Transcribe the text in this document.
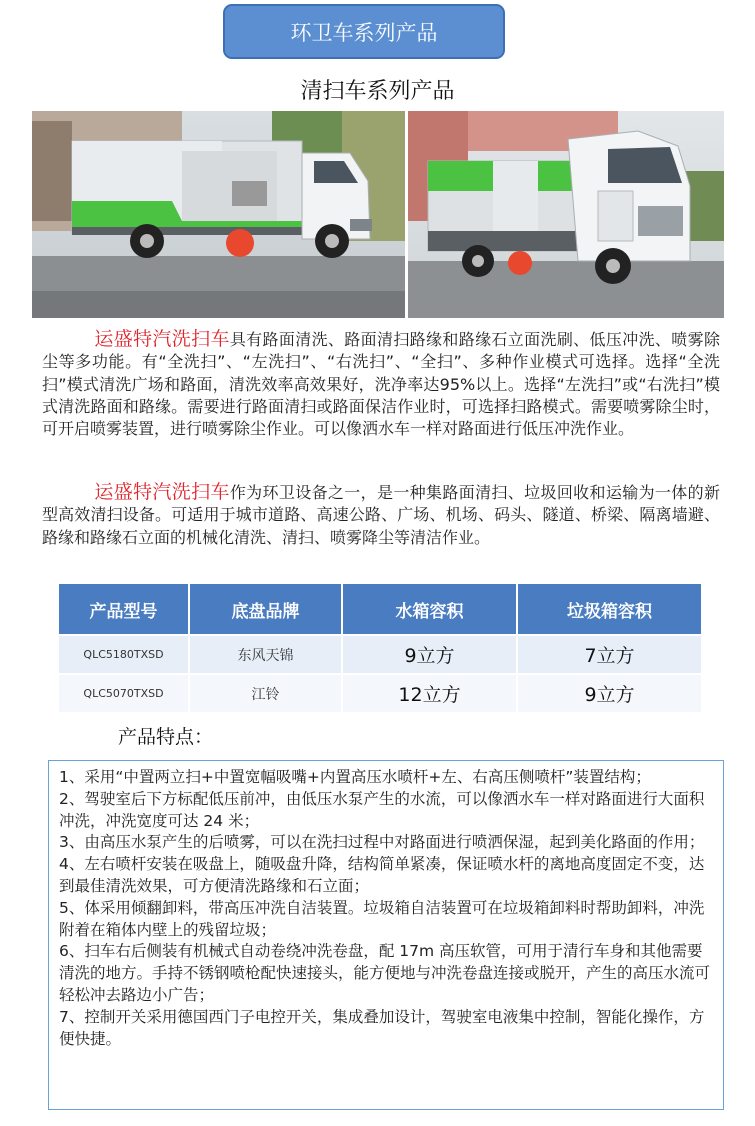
环卫车系列产品
清扫车系列产品

运盛特汽洗扫车具有路面清洗、路面清扫路缘和路缘石立面洗刷、低压冲洗、喷雾除尘等多功能。有“全洗扫”、“左洗扫”、“右洗扫”、“全扫”、多种作业模式可选择。选择“全洗扫”模式清洗广场和路面，清洗效率高效果好，洗净率达95%以上。选择“左洗扫”或“右洗扫”模式清洗路面和路缘。需要进行路面清扫或路面保洁作业时，可选择扫路模式。需要喷雾除尘时，可开启喷雾装置，进行喷雾除尘作业。可以像洒水车一样对路面进行低压冲洗作业。

运盛特汽洗扫车作为环卫设备之一，是一种集路面清扫、垃圾回收和运输为一体的新型高效清扫设备。可适用于城市道路、高速公路、广场、机场、码头、隧道、桥梁、隔离墙避、路缘和路缘石立面的机械化清洗、清扫、喷雾降尘等清洁作业。

产品型号	底盘品牌	水箱容积	垃圾箱容积
QLC5180TXSD	东风天锦	9立方	7立方
QLC5070TXSD	江铃	12立方	9立方
产品特点：
1、采用“中置两立扫+中置宽幅吸嘴+内置高压水喷杆+左、右高压侧喷杆”装置结构；
2、驾驶室后下方标配低压前冲，由低压水泵产生的水流，可以像洒水车一样对路面进行大面积冲洗，冲洗宽度可达 24 米；
3、由高压水泵产生的后喷雾，可以在洗扫过程中对路面进行喷洒保湿，起到美化路面的作用；
4、左右喷杆安装在吸盘上，随吸盘升降，结构简单紧凑，保证喷水杆的离地高度固定不变，达到最佳清洗效果，可方便清洗路缘和石立面；
5、体采用倾翻卸料，带高压冲洗自洁装置。垃圾箱自洁装置可在垃圾箱卸料时帮助卸料，冲洗附着在箱体内壁上的残留垃圾；
6、扫车右后侧装有机械式自动卷绕冲洗卷盘，配 17m 高压软管，可用于清行车身和其他需要清洗的地方。手持不锈钢喷枪配快速接头，能方便地与冲洗卷盘连接或脱开，产生的高压水流可轻松冲去路边小广告；
7、控制开关采用德国西门子电控开关，集成叠加设计，驾驶室电液集中控制，智能化操作，方便快捷。
